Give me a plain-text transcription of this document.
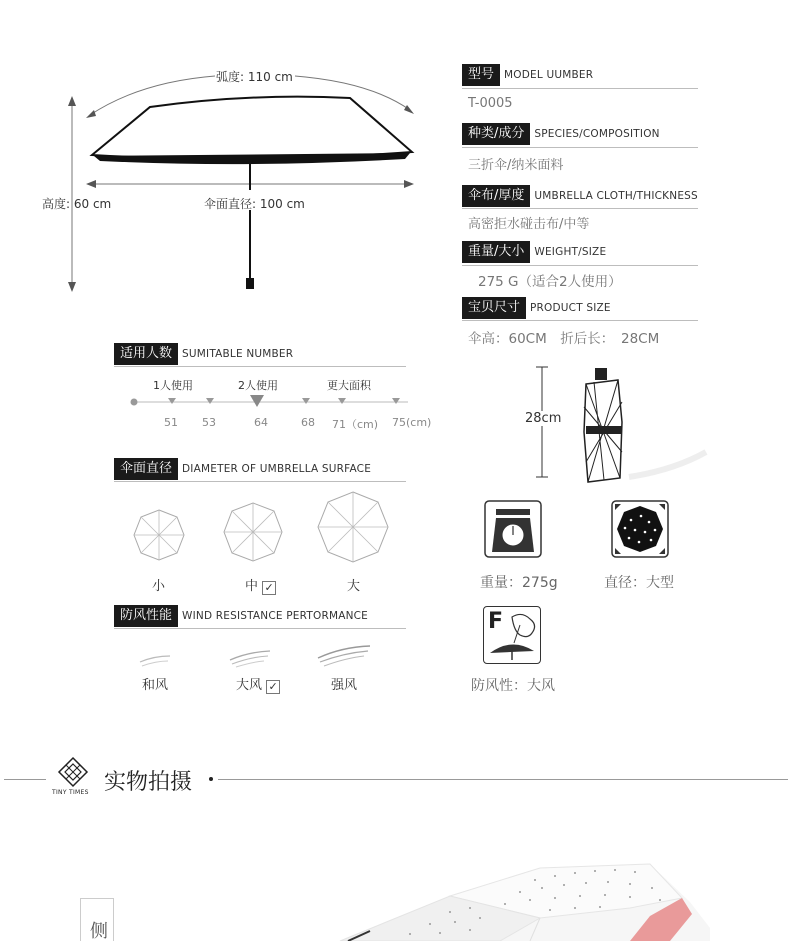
弧度: 110 cm
高度: 60 cm	伞面直径: 100 cm
型号 MODEL UUMBER
T-0005
种类/成分 SPECIES/COMPOSITION
三折伞/纳米面料
伞布/厚度 UMBRELLA CLOTH/THICKNESS
高密拒水碰击布/中等
重量/大小 WEIGHT/SIZE
275 G（适合2人使用）
宝贝尺寸 PRODUCT SIZE
伞高：60CM　折后长：　28CM
适用人数 SUMITABLE NUMBER
1人使用	2人使用	更大面积
51 53	64	68 71（cm) 75(cm)	28cm
伞面直径 DIAMETER OF UMBRELLA SURFACE
小	中 ✓	大
防风性能 WIND RESISTANCE PERTORMANCE
和风	大风 ✓	强风
重量：275g	直径：大型
F
防风性：大风
TINY TIMES 实物拍摄
侧
